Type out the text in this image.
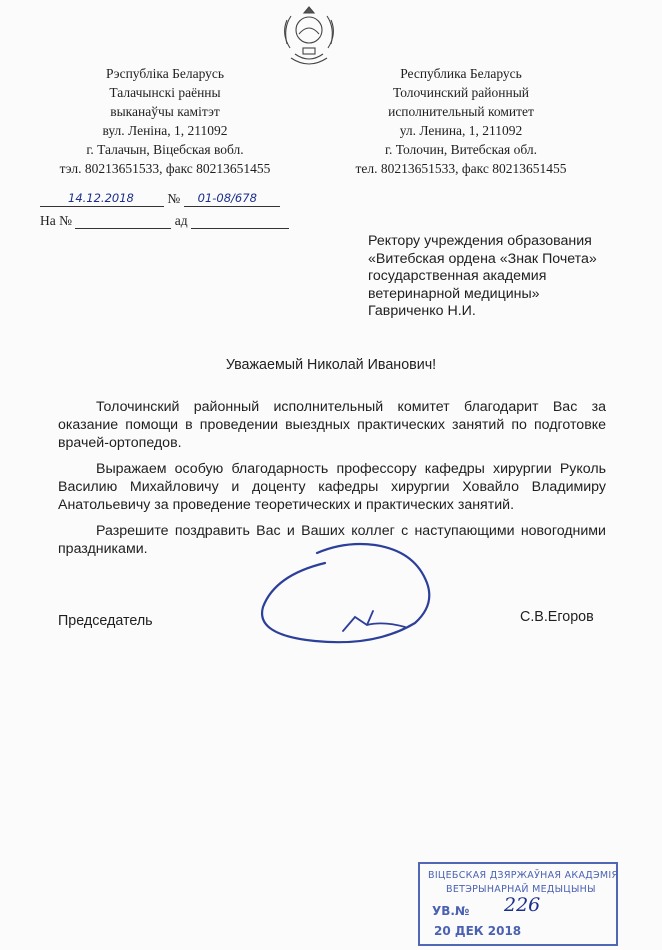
Рэспубліка Беларусь
Талачынскі раённы
выканаўчы камітэт
вул. Леніна, 1, 211092
г. Талачын, Віцебская вобл.
тэл. 80213651533, факс 80213651455
Республика Беларусь
Толочинский районный
исполнительный комитет
ул. Ленина, 1, 211092
г. Толочин, Витебская обл.
тел. 80213651533, факс 80213651455
14.12.2018 № 01-08/678
На №	ад
Ректору учреждения образования
«Витебская ордена «Знак Почета»
государственная академия
ветеринарной медицины»
Гавриченко Н.И.
Уважаемый Николай Иванович!

Толочинский районный исполнительный комитет благодарит Вас за оказание помощи в проведении выездных практических занятий по подготовке врачей-ортопедов.

Выражаем особую благодарность профессору кафедры хирургии Руколь Василию Михайловичу и доценту кафедры хирургии Ховайло Владимиру Анатольевичу за проведение теоретических и практических занятий.

Разрешите поздравить Вас и Ваших коллег с наступающими новогодними праздниками.

Председатель	С.В.Егоров
ВІЦЕБСКАЯ ДЗЯРЖАЎНАЯ АКАДЭМІЯ
ВЕТЭРЫНАРНАЙ МЕДЫЦЫНЫ
УВ.№ 226
20 ДЕК 2018
